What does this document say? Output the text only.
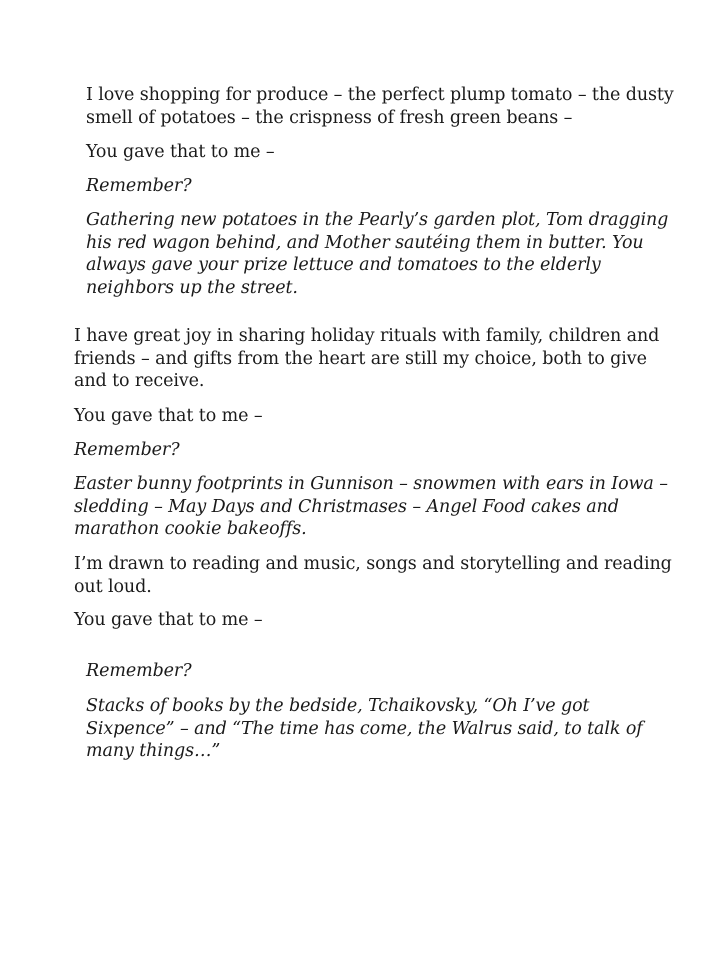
I love shopping for produce – the perfect plump tomato – the dusty smell of potatoes – the crispness of fresh green beans –

You gave that to me –

Remember?

Gathering new potatoes in the Pearly’s garden plot, Tom dragging his red wagon behind, and Mother sautéing them in butter. You always gave your prize lettuce and tomatoes to the elderly neighbors up the street.

I have great joy in sharing holiday rituals with family, children and friends – and gifts from the heart are still my choice, both to give and to receive.

You gave that to me –

Remember?

Easter bunny footprints in Gunnison – snowmen with ears in Iowa –sledding – May Days and Christmases – Angel Food cakes and marathon cookie bakeoffs.

I’m drawn to reading and music, songs and storytelling and reading out loud.

You gave that to me –

Remember?

Stacks of books by the bedside, Tchaikovsky, “Oh I’ve got Sixpence” – and “The time has come, the Walrus said, to talk of many things…”
